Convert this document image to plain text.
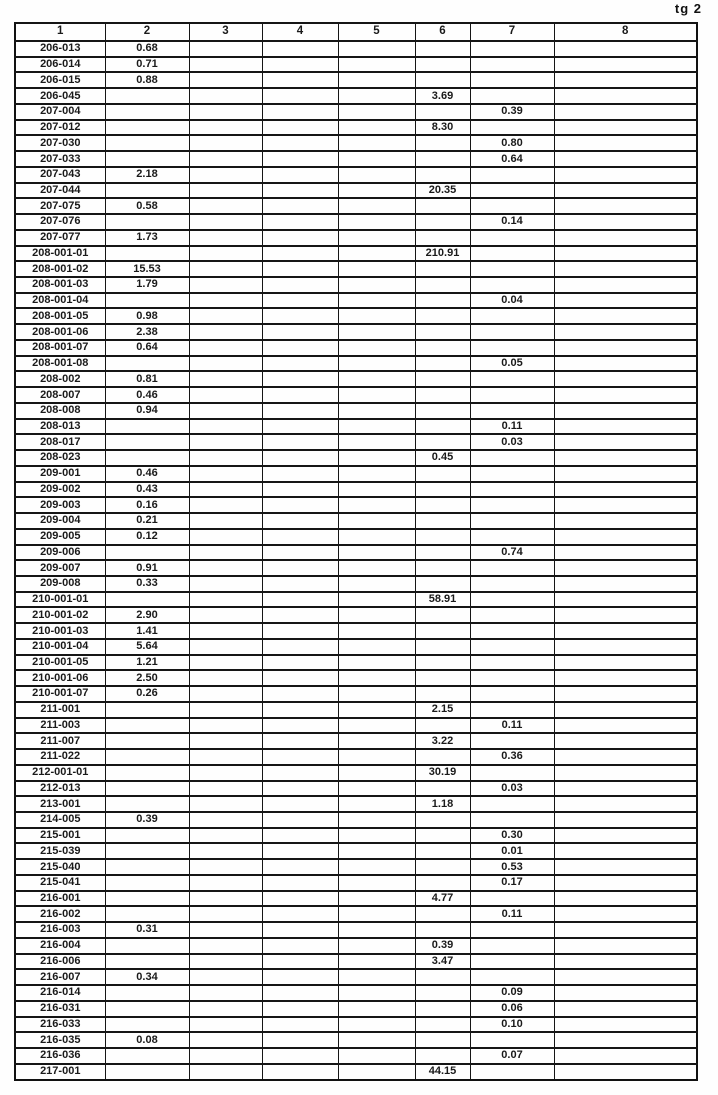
tg 2
1	2	3	4	5	6	7	8
206-013	0.68						
206-014	0.71						
206-015	0.88						
206-045					3.69		
207-004						0.39	
207-012					8.30		
207-030						0.80	
207-033						0.64	
207-043	2.18						
207-044					20.35		
207-075	0.58						
207-076						0.14	
207-077	1.73						
208-001-01					210.91		
208-001-02	15.53						
208-001-03	1.79						
208-001-04						0.04	
208-001-05	0.98						
208-001-06	2.38						
208-001-07	0.64						
208-001-08						0.05	
208-002	0.81						
208-007	0.46						
208-008	0.94						
208-013						0.11	
208-017						0.03	
208-023					0.45		
209-001	0.46						
209-002	0.43						
209-003	0.16						
209-004	0.21						
209-005	0.12						
209-006						0.74	
209-007	0.91						
209-008	0.33						
210-001-01					58.91		
210-001-02	2.90						
210-001-03	1.41						
210-001-04	5.64						
210-001-05	1.21						
210-001-06	2.50						
210-001-07	0.26						
211-001					2.15		
211-003						0.11	
211-007					3.22		
211-022						0.36	
212-001-01					30.19		
212-013						0.03	
213-001					1.18		
214-005	0.39						
215-001						0.30	
215-039						0.01	
215-040						0.53	
215-041						0.17	
216-001					4.77		
216-002						0.11	
216-003	0.31						
216-004					0.39		
216-006					3.47		
216-007	0.34						
216-014						0.09	
216-031						0.06	
216-033						0.10	
216-035	0.08						
216-036						0.07	
217-001					44.15		
